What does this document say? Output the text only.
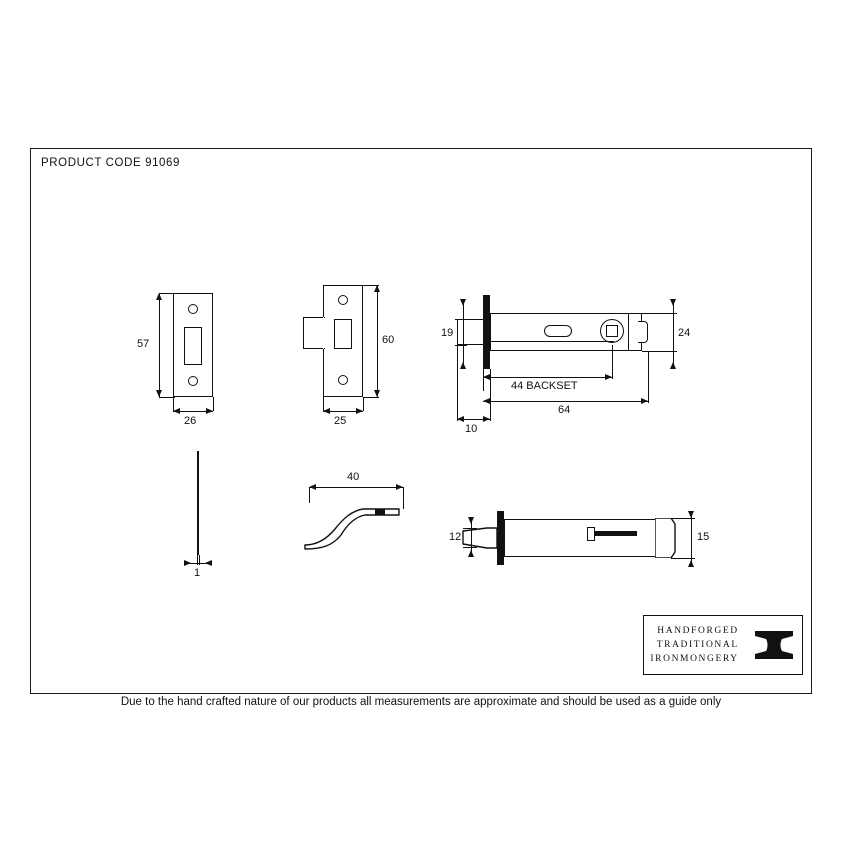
PRODUCT CODE 91069
57
26
60
25
19	24
44 BACKSET
64
10
1
40
12	15
HANDFORGED
TRADITIONAL
IRONMONGERY
Due to the hand crafted nature of our products all measurements are approximate and should be used as a guide only
